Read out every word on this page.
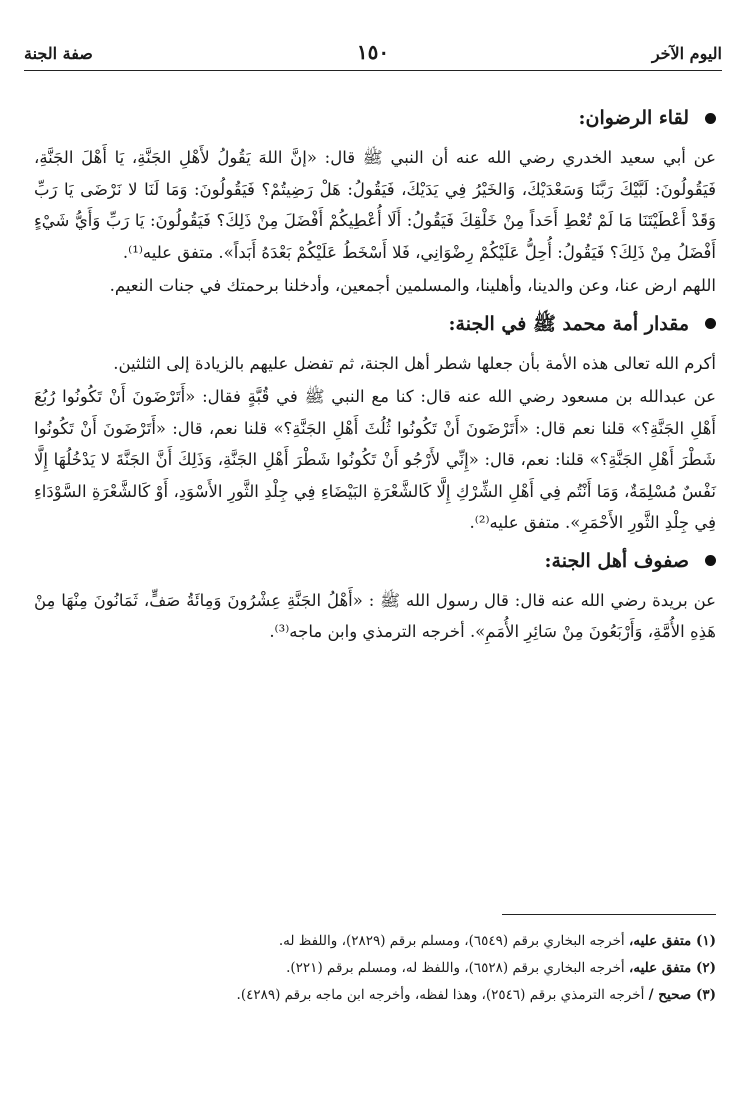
اليوم الآخر
١٥٠
صفة الجنة
لقاء الرضوان:

عن أبي سعيد الخدري رضي الله عنه أن النبي ﷺ قال: «إنَّ اللهَ يَقُولُ لأَهْلِ الجَنَّةِ، يَا أَهْلَ الجَنَّةِ، فَيَقُولُونَ: لَبَّيْكَ رَبَّنَا وَسَعْدَيْكَ، وَالخَيْرُ فِي يَدَيْكَ، فَيَقُولُ: هَلْ رَضِيتُمْ؟ فَيَقُولُونَ: وَمَا لَنَا لا نَرْضَى يَا رَبِّ وَقَدْ أَعْطَيْتَنَا مَا لَمْ تُعْطِ أَحَداً مِنْ خَلْقِكَ فَيَقُولُ: أَلَا أُعْطِيكُمْ أَفْضَلَ مِنْ ذَلِكَ؟ فَيَقُولُونَ: يَا رَبِّ وَأَيُّ شَيْءٍ أَفْضَلُ مِنْ ذَلِكَ؟ فَيَقُولُ: أُحِلُّ عَلَيْكُمْ رِضْوَانِي، فَلا أَسْخَطُ عَلَيْكُمْ بَعْدَهُ أَبَداً». متفق عليه⁽¹⁾.

اللهم ارض عنا، وعن والدينا، وأهلينا، والمسلمين أجمعين، وأدخلنا برحمتك في جنات النعيم.

مقدار أمة محمد ﷺ في الجنة:

أكرم الله تعالى هذه الأمة بأن جعلها شطر أهل الجنة، ثم تفضل عليهم بالزيادة إلى الثلثين.

عن عبدالله بن مسعود رضي الله عنه قال: كنا مع النبي ﷺ في قُبَّةٍ فقال: «أَتَرْضَونَ أَنْ تَكُونُوا رُبُعَ أَهْلِ الجَنَّةِ؟» قلنا نعم قال: «أَتَرْضَونَ أَنْ تَكُونُوا ثُلُثَ أَهْلِ الجَنَّةِ؟» قلنا نعم، قال: «أَتَرْضَونَ أَنْ تَكُونُوا شَطْرَ أَهْلِ الجَنَّةِ؟» قلنا: نعم، قال: «إِنِّي لأَرْجُو أَنْ تَكُونُوا شَطْرَ أَهْلِ الجَنَّةِ، وَذَلِكَ أَنَّ الجَنَّةَ لا يَدْخُلُهَا إِلَّا نَفْسٌ مُسْلِمَةٌ، وَمَا أَنْتُم فِي أَهْلِ الشِّرْكِ إِلَّا كَالشَّعْرَةِ البَيْضَاءِ فِي جِلْدِ الثَّورِ الأَسْوَدِ، أَوْ كَالشَّعْرَةِ السَّوْدَاءِ فِي جِلْدِ الثَّورِ الأَحْمَرِ». متفق عليه⁽²⁾.

صفوف أهل الجنة:

عن بريدة رضي الله عنه قال: قال رسول الله ﷺ : «أَهْلُ الجَنَّةِ عِشْرُونَ وَمِائَةُ صَفٍّ، ثَمَانُونَ مِنْهَا مِنْ هَذِهِ الأُمَّةِ، وَأَرْبَعُونَ مِنْ سَائِرِ الأُمَمِ». أخرجه الترمذي وابن ماجه⁽³⁾.

(١) متفق عليه، أخرجه البخاري برقم (٦٥٤٩)، ومسلم برقم (٢٨٢٩)، واللفظ له.

(٢) متفق عليه، أخرجه البخاري برقم (٦٥٢٨)، واللفظ له، ومسلم برقم (٢٢١).

(٣) صحيح / أخرجه الترمذي برقم (٢٥٤٦)، وهذا لفظه، وأخرجه ابن ماجه برقم (٤٢٨٩).
